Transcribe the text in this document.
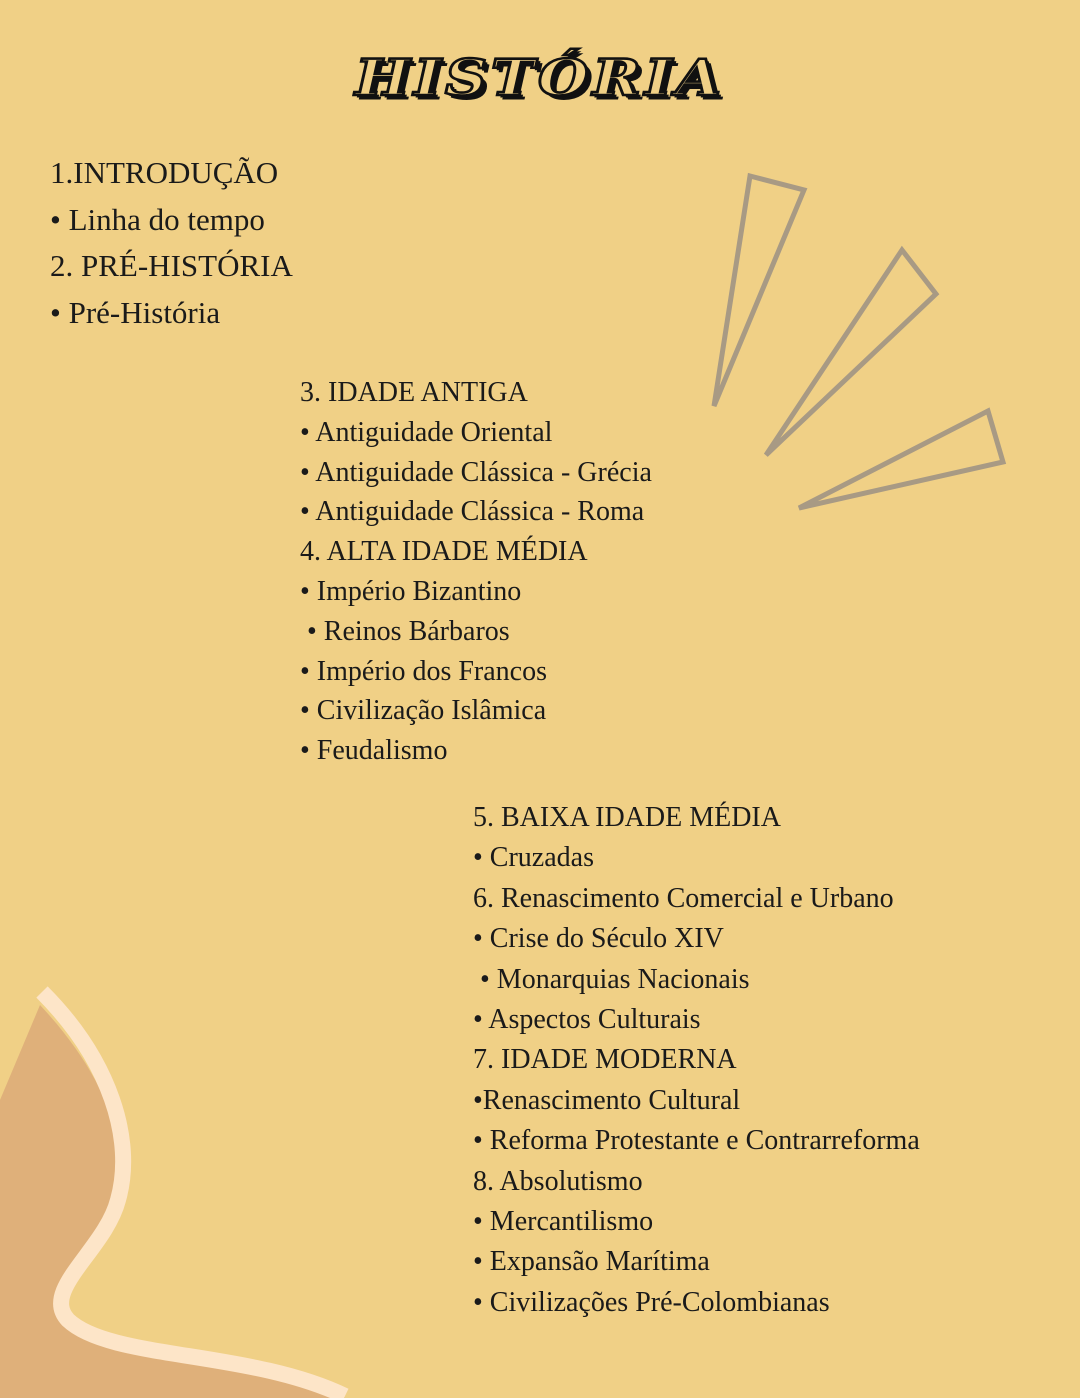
HISTÓRIA
1.INTRODUÇÃO
• Linha do tempo
2. PRÉ-HISTÓRIA
• Pré-História
3. IDADE ANTIGA
• Antiguidade Oriental
• Antiguidade Clássica - Grécia
• Antiguidade Clássica - Roma
4. ALTA IDADE MÉDIA
• Império Bizantino
• Reinos Bárbaros
• Império dos Francos
• Civilização Islâmica
• Feudalismo
5. BAIXA IDADE MÉDIA
• Cruzadas
6. Renascimento Comercial e Urbano
• Crise do Século XIV
• Monarquias Nacionais
• Aspectos Culturais
7. IDADE MODERNA
•Renascimento Cultural
• Reforma Protestante e Contrarreforma
8. Absolutismo
• Mercantilismo
• Expansão Marítima
• Civilizações Pré-Colombianas
